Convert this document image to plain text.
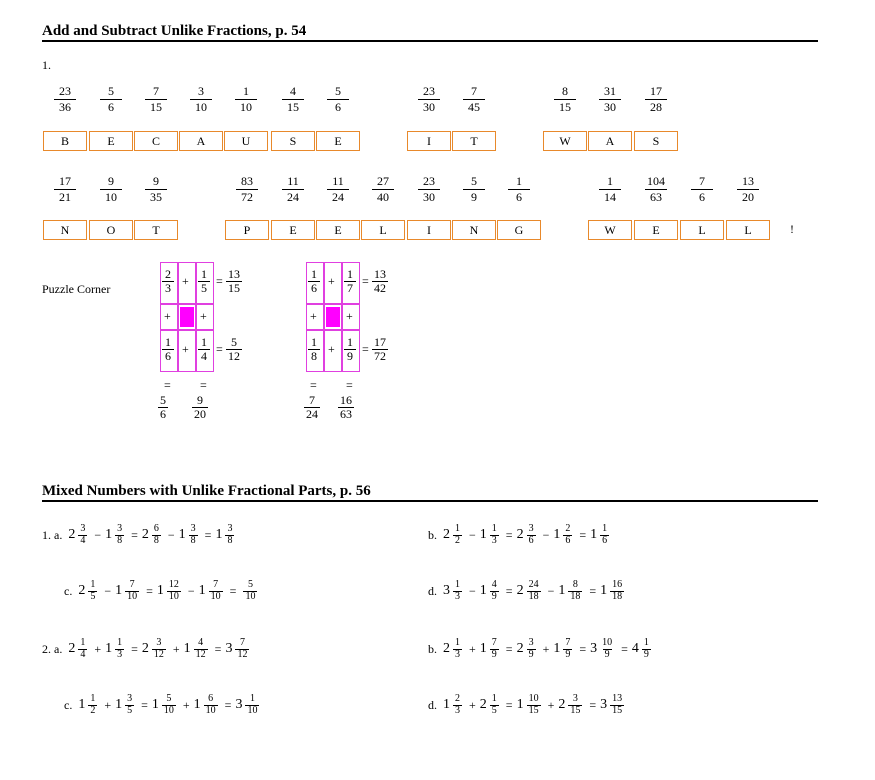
Add and Subtract Unlike Fractions, p. 54
1.
$\frac{23}{36} \frac{5}{6} \frac{7}{15} \frac{3}{10} \frac{1}{10} \frac{4}{15} \frac{5}{6}$	$\frac{23}{30} \frac{7}{45}$	$\frac{8}{15} \frac{31}{30} \frac{17}{28}$
B	E	C	A	U	S	E	I	T	W	A	S
$\frac{17}{21} \frac{9}{10} \frac{9}{35}$	$\frac{83}{72} \frac{11}{24} \frac{11}{24} \frac{27}{40} \frac{23}{30} \frac{5}{9} \frac{1}{6}$	$\frac{1}{14} \frac{104}{63} \frac{7}{6} \frac{13}{20}$
N	O	T	P	E	E	L	I	N	G	W	E	L	L	!
Puzzle Corner	$\frac{2}{3} + \frac{1}{5} = \frac{13}{15}$
+ +
$\frac{1}{6} + \frac{1}{4} = \frac{5}{12}$
= =
$\frac{5}{6} \frac{9}{20}$
$\frac{1}{6} + \frac{1}{7} = \frac{13}{42}$
+ +
$\frac{1}{8} + \frac{1}{9} = \frac{17}{72}$
= =
$\frac{7}{24} \frac{16}{63}$
Mixed Numbers with Unlike Fractional Parts, p. 56
1. a. $2 \frac{3}{4} - 1 \frac{3}{8} = 2 \frac{6}{8} - 1 \frac{3}{8} = 1 \frac{3}{8}$	b. $2 \frac{1}{2} - 1 \frac{1}{3} = 2 \frac{3}{6} - 1 \frac{2}{6} = 1 \frac{1}{6}$
c. $2 \frac{1}{5} - 1 \frac{7}{10} = 1 \frac{12}{10} - 1 \frac{7}{10} = \frac{5}{10}$	d. $3 \frac{1}{3} - 1 \frac{4}{9} = 2 \frac{24}{18} - 1 \frac{8}{18} = 1 \frac{16}{18}$
2. a. $2 \frac{1}{4} + 1 \frac{1}{3} = 2 \frac{3}{12} + 1 \frac{4}{12} = 3 \frac{7}{12}$	b. $2 \frac{1}{3} + 1 \frac{7}{9} = 2 \frac{3}{9} + 1 \frac{7}{9} = 3 \frac{10}{9} = 4 \frac{1}{9}$
c. $1 \frac{1}{2} + 1 \frac{3}{5} = 1 \frac{5}{10} + 1 \frac{6}{10} = 3 \frac{1}{10}$	d. $1 \frac{2}{3} + 2 \frac{1}{5} = 1 \frac{10}{15} + 2 \frac{3}{15} = 3 \frac{13}{15}$
